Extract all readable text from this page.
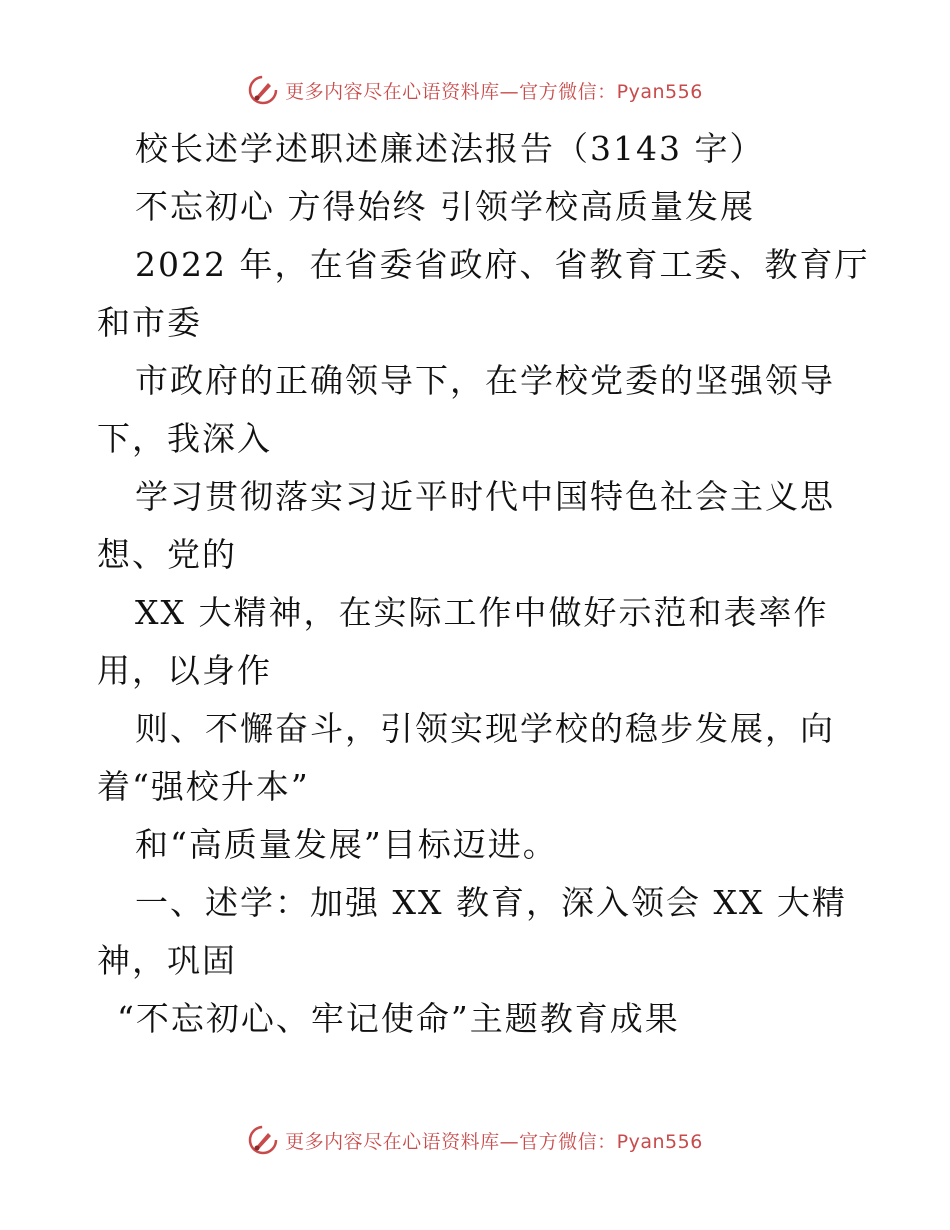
更多内容尽在心语资料库—官方微信：Pyan556
校长述学述职述廉述法报告（3143 字）
不忘初心 方得始终 引领学校高质量发展
2022 年，在省委省政府、省教育工委、教育厅
和市委
市政府的正确领导下，在学校党委的坚强领导
下，我深入
学习贯彻落实习近平时代中国特色社会主义思
想、党的
XX 大精神，在实际工作中做好示范和表率作
用，以身作
则、不懈奋斗，引领实现学校的稳步发展，向
着“强校升本”
和“高质量发展”目标迈进。
一、述学：加强 XX 教育，深入领会 XX 大精
神，巩固
“不忘初心、牢记使命”主题教育成果
更多内容尽在心语资料库—官方微信：Pyan556
